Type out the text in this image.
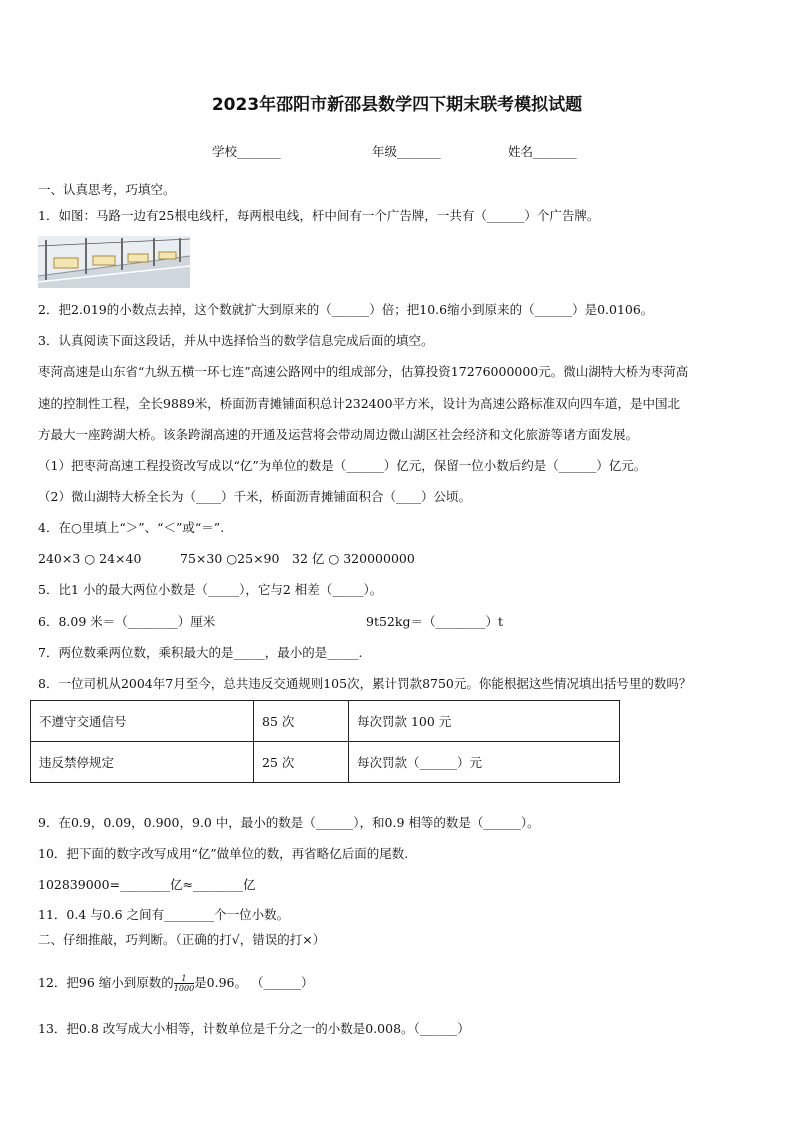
2023年邵阳市新邵县数学四下期末联考模拟试题
学校_______	年级_______	姓名_______
一、认真思考，巧填空。
1．如图：马路一边有25根电线杆，每两根电线，杆中间有一个广告牌，一共有（______）个广告牌。
2．把2.019的小数点去掉，这个数就扩大到原来的（______）倍；把10.6缩小到原来的（______）是0.0106。
3．认真阅读下面这段话，并从中选择恰当的数学信息完成后面的填空。
枣菏高速是山东省“九纵五横一环七连”高速公路网中的组成部分，估算投资17276000000元。微山湖特大桥为枣菏高
速的控制性工程，全长9889米，桥面沥青摊铺面积总计232400平方米，设计为高速公路标准双向四车道，是中国北
方最大一座跨湖大桥。该条跨湖高速的开通及运营将会带动周边微山湖区社会经济和文化旅游等诸方面发展。
（1）把枣菏高速工程投资改写成以“亿”为单位的数是（______）亿元，保留一位小数后约是（______）亿元。
（2）微山湖特大桥全长为（____）千米，桥面沥青摊铺面积合（____）公顷。
4．在○里填上“＞”、“＜”或“＝”.
240×3 ○ 24×40	75×30 ○25×90 32 亿 ○ 320000000
5．比1 小的最大两位小数是（_____），它与2 相差（_____）。
6．8.09 米＝（________）厘米	9t52kg＝（________）t
7．两位数乘两位数，乘积最大的是_____，最小的是_____.
8．一位司机从2004年7月至今，总共违反交通规则105次，累计罚款8750元。你能根据这些情况填出括号里的数吗？
不遵守交通信号	85 次	每次罚款 100 元
违反禁停规定	25 次	每次罚款（______）元
9．在0.9，0.09，0.900，9.0 中，最小的数是（______），和0.9 相等的数是（______）。
10．把下面的数字改写成用“亿”做单位的数，再省略亿后面的尾数.
102839000=________亿≈________亿
11．0.4 与0.6 之间有________个一位小数。
二、仔细推敲，巧判断。（正确的打√，错误的打×）
12．把96 缩小到原数的 $\frac{1}{1000}$是0.96。 （______）
13．把0.8 改写成大小相等，计数单位是千分之一的小数是0.008。（______）
